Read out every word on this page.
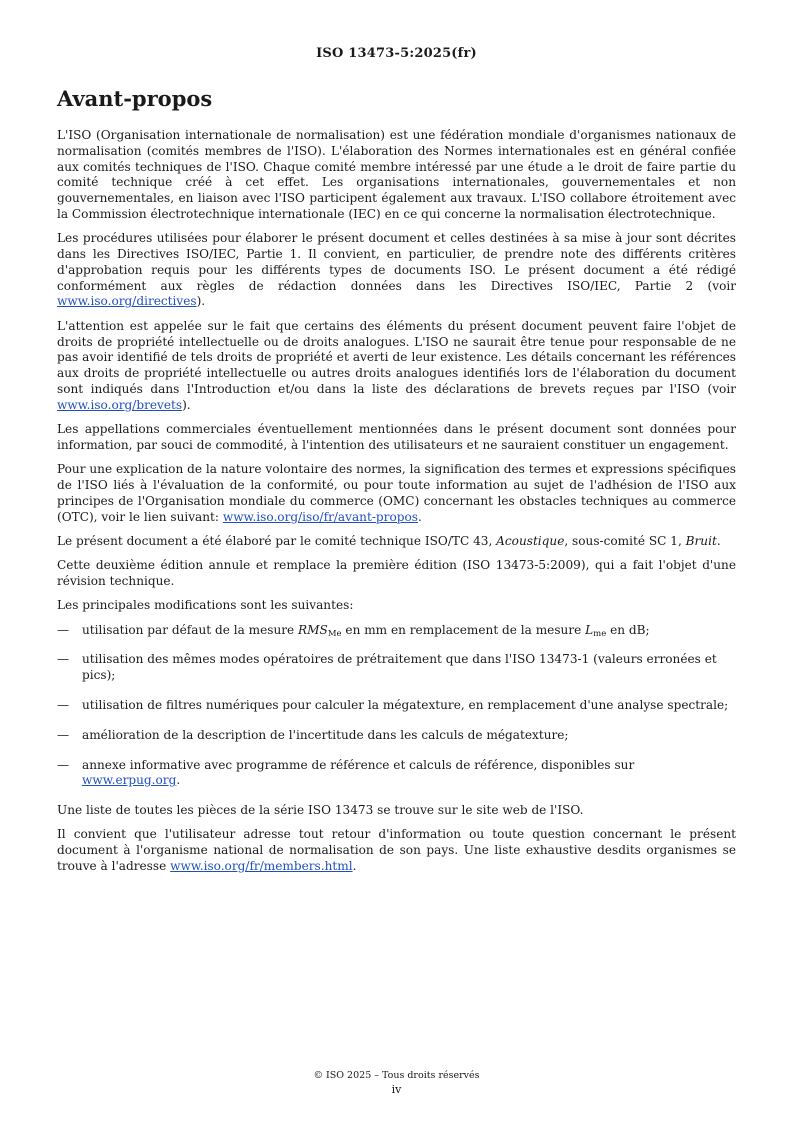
ISO 13473-5:2025(fr)
Avant-propos

L'ISO (Organisation internationale de normalisation) est une fédération mondiale d'organismes nationaux de normalisation (comités membres de l'ISO). L'élaboration des Normes internationales est en général confiée aux comités techniques de l'ISO. Chaque comité membre intéressé par une étude a le droit de faire partie du comité technique créé à cet effet. Les organisations internationales, gouvernementales et non gouvernementales, en liaison avec l'ISO participent également aux travaux. L'ISO collabore étroitement avec la Commission électrotechnique internationale (IEC) en ce qui concerne la normalisation électrotechnique.

Les procédures utilisées pour élaborer le présent document et celles destinées à sa mise à jour sont décrites dans les Directives ISO/IEC, Partie 1. Il convient, en particulier, de prendre note des différents critères d'approbation requis pour les différents types de documents ISO. Le présent document a été rédigé conformément aux règles de rédaction données dans les Directives ISO/IEC, Partie 2 (voir www.iso.org/directives).

L'attention est appelée sur le fait que certains des éléments du présent document peuvent faire l'objet de droits de propriété intellectuelle ou de droits analogues. L'ISO ne saurait être tenue pour responsable de ne pas avoir identifié de tels droits de propriété et averti de leur existence. Les détails concernant les références aux droits de propriété intellectuelle ou autres droits analogues identifiés lors de l'élaboration du document sont indiqués dans l'Introduction et/ou dans la liste des déclarations de brevets reçues par l'ISO (voir www.iso.org/brevets).

Les appellations commerciales éventuellement mentionnées dans le présent document sont données pour information, par souci de commodité, à l'intention des utilisateurs et ne sauraient constituer un engagement.

Pour une explication de la nature volontaire des normes, la signification des termes et expressions spécifiques de l'ISO liés à l'évaluation de la conformité, ou pour toute information au sujet de l'adhésion de l'ISO aux principes de l'Organisation mondiale du commerce (OMC) concernant les obstacles techniques au commerce (OTC), voir le lien suivant: www.iso.org/iso/fr/avant-propos.

Le présent document a été élaboré par le comité technique ISO/TC 43, Acoustique, sous-comité SC 1, Bruit.

Cette deuxième édition annule et remplace la première édition (ISO 13473-5:2009), qui a fait l'objet d'une révision technique.

Les principales modifications sont les suivantes:

— utilisation par défaut de la mesure $RMS_{Me}$ en mm en remplacement de la mesure $L_{me}$ en dB;
— utilisation des mêmes modes opératoires de prétraitement que dans l'ISO 13473-1 (valeurs erronées et pics);
— utilisation de filtres numériques pour calculer la mégatexture, en remplacement d'une analyse spectrale;
— amélioration de la description de l'incertitude dans les calculs de mégatexture;
— annexe informative avec programme de référence et calculs de référence, disponibles sur www.erpug.org.

Une liste de toutes les pièces de la série ISO 13473 se trouve sur le site web de l'ISO.

Il convient que l'utilisateur adresse tout retour d'information ou toute question concernant le présent document à l'organisme national de normalisation de son pays. Une liste exhaustive desdits organismes se trouve à l'adresse www.iso.org/fr/members.html.

© ISO 2025 – Tous droits réservés
iv
